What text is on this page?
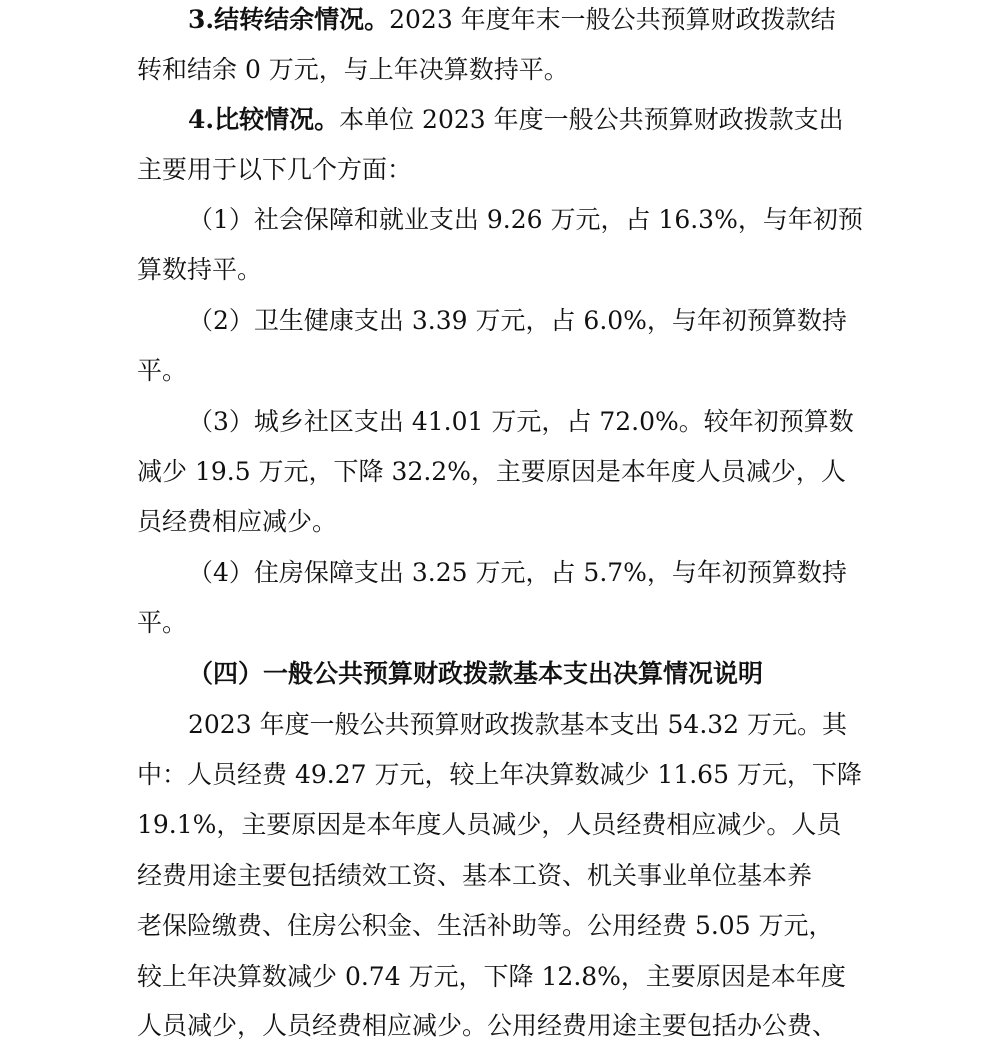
3.结转结余情况。2023 年度年末一般公共预算财政拨款结
转和结余 0 万元，与上年决算数持平。
4.比较情况。本单位 2023 年度一般公共预算财政拨款支出
主要用于以下几个方面：
（1）社会保障和就业支出 9.26 万元，占 16.3%，与年初预
算数持平。
（2）卫生健康支出 3.39 万元，占 6.0%，与年初预算数持
平。
（3）城乡社区支出 41.01 万元，占 72.0%。较年初预算数
减少 19.5 万元，下降 32.2%，主要原因是本年度人员减少，人
员经费相应减少。
（4）住房保障支出 3.25 万元，占 5.7%，与年初预算数持
平。
（四）一般公共预算财政拨款基本支出决算情况说明
2023 年度一般公共预算财政拨款基本支出 54.32 万元。其
中：人员经费 49.27 万元，较上年决算数减少 11.65 万元，下降
19.1%，主要原因是本年度人员减少，人员经费相应减少。人员
经费用途主要包括绩效工资、基本工资、机关事业单位基本养
老保险缴费、住房公积金、生活补助等。公用经费 5.05 万元，
较上年决算数减少 0.74 万元，下降 12.8%，主要原因是本年度
人员减少，人员经费相应减少。公用经费用途主要包括办公费、
